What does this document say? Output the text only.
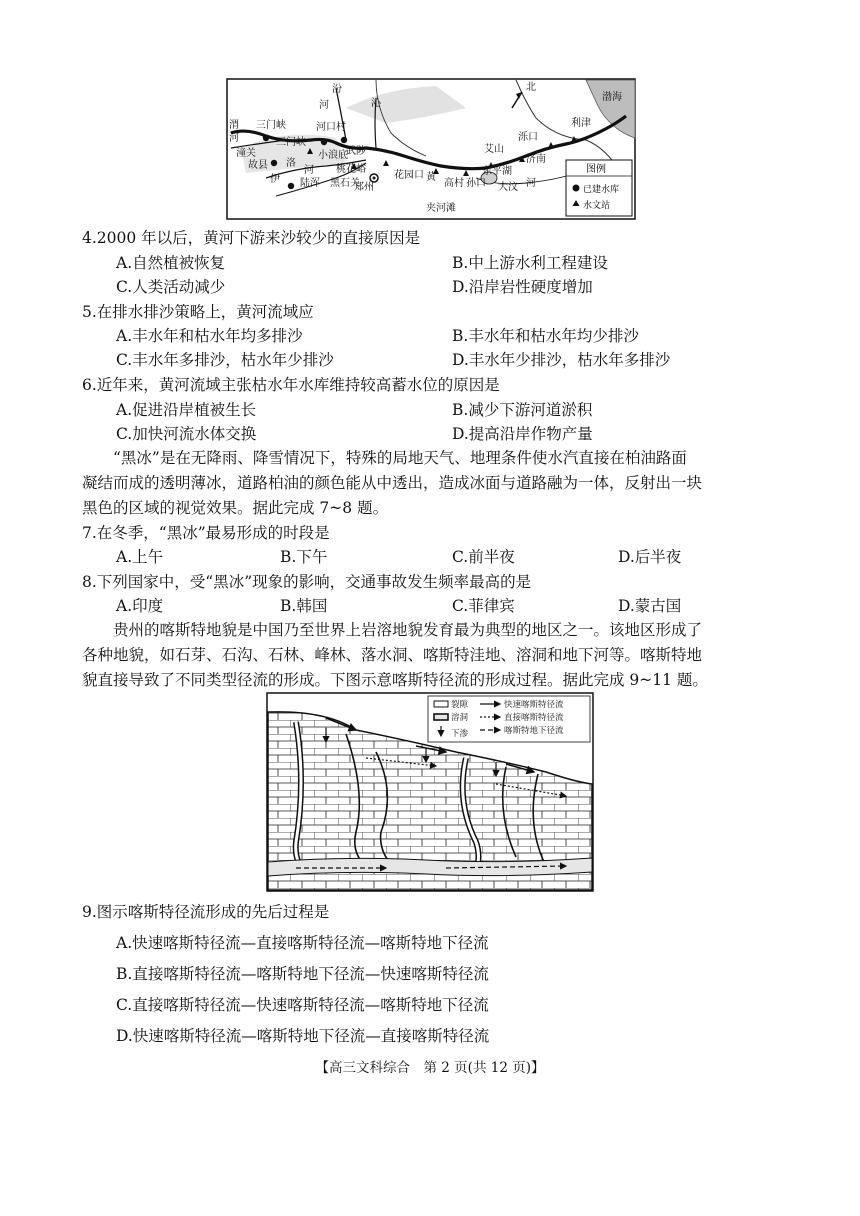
汾
河	沁
渭
河
潼关
三门峡
三门峡
河口村
武陟
故县 洛
小浪底
桃花峪
黑石关
陆浑
伊
河
郑州
花园口
夹河滩
黄
高村 孙口
艾山
东平湖
大汶 河
泺口
济南
利津
渤海
北
图例
已建水库
水文站
4.2000 年以后，黄河下游来沙较少的直接原因是
A.自然植被恢复	B.中上游水利工程建设
C.人类活动减少	D.沿岸岩性硬度增加
5.在排水排沙策略上，黄河流域应
A.丰水年和枯水年均多排沙	B.丰水年和枯水年均少排沙
C.丰水年多排沙，枯水年少排沙	D.丰水年少排沙，枯水年多排沙
6.近年来，黄河流域主张枯水年水库维持较高蓄水位的原因是
A.促进沿岸植被生长	B.减少下游河道淤积
C.加快河流水体交换	D.提高沿岸作物产量
“黑冰”是在无降雨、降雪情况下，特殊的局地天气、地理条件使水汽直接在柏油路面
凝结而成的透明薄冰，道路柏油的颜色能从中透出，造成冰面与道路融为一体，反射出一块
黑色的区域的视觉效果。据此完成 7~8 题。
7.在冬季，“黑冰”最易形成的时段是
A.上午	B.下午	C.前半夜	D.后半夜
8.下列国家中，受“黑冰”现象的影响，交通事故发生频率最高的是
A.印度	B.韩国	C.菲律宾	D.蒙古国
贵州的喀斯特地貌是中国乃至世界上岩溶地貌发育最为典型的地区之一。该地区形成了
各种地貌，如石芽、石沟、石林、峰林、落水洞、喀斯特洼地、溶洞和地下河等。喀斯特地
貌直接导致了不同类型径流的形成。下图示意喀斯特径流的形成过程。据此完成 9~11 题。
裂隙
溶洞
下渗
快速喀斯特径流
直接喀斯特径流
喀斯特地下径流
9.图示喀斯特径流形成的先后过程是
A.快速喀斯特径流—直接喀斯特径流—喀斯特地下径流
B.直接喀斯特径流—喀斯特地下径流—快速喀斯特径流
C.直接喀斯特径流—快速喀斯特径流—喀斯特地下径流
D.快速喀斯特径流—喀斯特地下径流—直接喀斯特径流
【高三文科综合　第 2 页(共 12 页)】
